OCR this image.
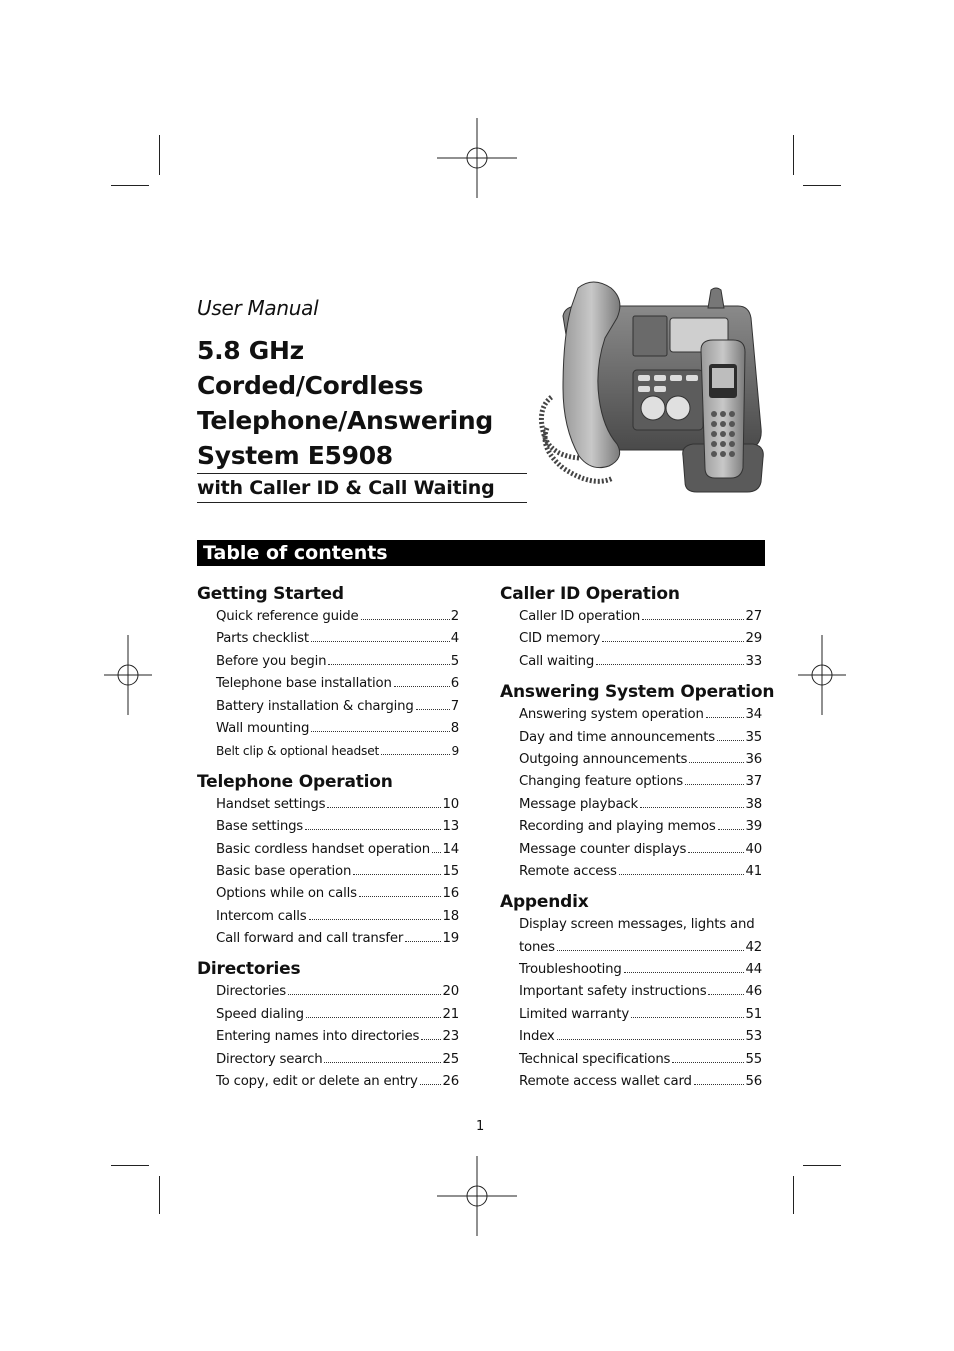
User Manual
5.8 GHz Corded/Cordless
Telephone/Answering
System E5908
with Caller ID & Call Waiting
Table of contents
Getting Started
Quick reference guide	2
Parts checklist	4
Before you begin	5
Telephone base installation	6
Battery installation & charging	7
Wall mounting	8
Belt clip & optional headset	9
Telephone Operation
Handset settings	10
Base settings	13
Basic cordless handset operation 14
Basic base operation	15
Options while on calls	16
Intercom calls	18
Call forward and call transfer	19
Directories
Directories	20
Speed dialing	21
Entering names into directories 23
Directory search	25
To copy, edit or delete an entry 26
Caller ID Operation
Caller ID operation	27
CID memory	29
Call waiting	33
Answering System Operation
Answering system operation	34
Day and time announcements 35
Outgoing announcements	36
Changing feature options	37
Message playback	38
Recording and playing memos 39
Message counter displays	40
Remote access	41
Appendix
Display screen messages, lights and
tones	42
Troubleshooting	44
Important safety instructions	46
Limited warranty	51
Index	53
Technical specifications	55
Remote access wallet card	56
1
